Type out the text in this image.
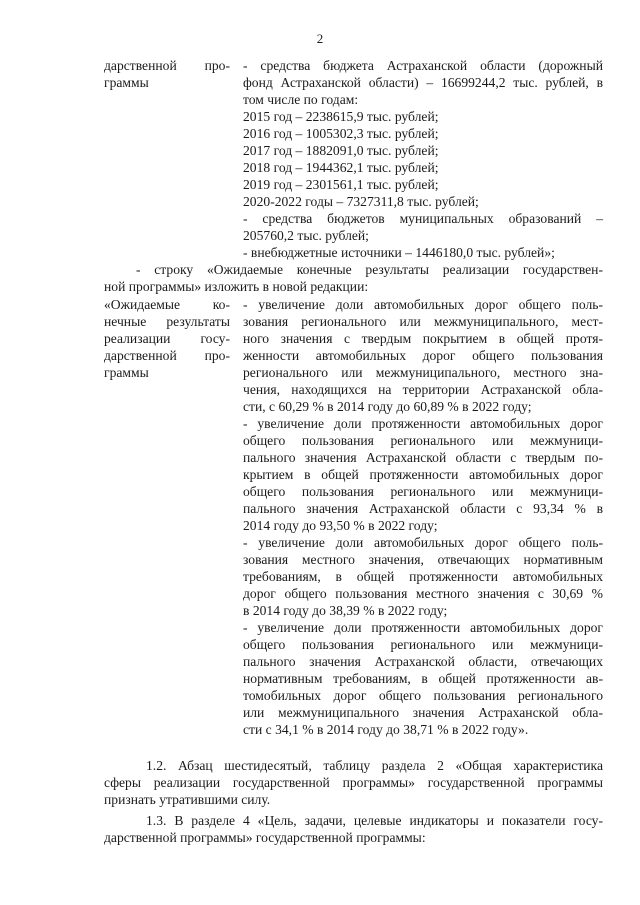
2
дарственной про-
граммы
- средства бюджета Астраханской области (дорожный
фонд Астраханской области) – 16699244,2 тыс. рублей, в
том числе по годам:
2015 год – 2238615,9 тыс. рублей;
2016 год – 1005302,3 тыс. рублей;
2017 год – 1882091,0 тыс. рублей;
2018 год – 1944362,1 тыс. рублей;
2019 год – 2301561,1 тыс. рублей;
2020-2022 годы – 7327311,8 тыс. рублей;
- средства бюджетов муниципальных образований –
205760,2 тыс. рублей;
- внебюджетные источники – 1446180,0 тыс. рублей»;
- строку «Ожидаемые конечные результаты реализации государствен-
ной программы» изложить в новой редакции:
«Ожидаемые ко-
нечные результаты
реализации госу-
дарственной про-
граммы
- увеличение доли автомобильных дорог общего поль-
зования регионального или межмуниципального, мест-
ного значения с твердым покрытием в общей протя-
женности автомобильных дорог общего пользования
регионального или межмуниципального, местного зна-
чения, находящихся на территории Астраханской обла-
сти, с 60,29 % в 2014 году до 60,89 % в 2022 году;
- увеличение доли протяженности автомобильных дорог
общего пользования регионального или межмуници-
пального значения Астраханской области с твердым по-
крытием в общей протяженности автомобильных дорог
общего пользования регионального или межмуници-
пального значения Астраханской области с 93,34 % в
2014 году до 93,50 % в 2022 году;
- увеличение доли автомобильных дорог общего поль-
зования местного значения, отвечающих нормативным
требованиям, в общей протяженности автомобильных
дорог общего пользования местного значения с 30,69 %
в 2014 году до 38,39 % в 2022 году;
- увеличение доли протяженности автомобильных дорог
общего пользования регионального или межмуници-
пального значения Астраханской области, отвечающих
нормативным требованиям, в общей протяженности ав-
томобильных дорог общего пользования регионального
или межмуниципального значения Астраханской обла-
сти с 34,1 % в 2014 году до 38,71 % в 2022 году».
1.2. Абзац шестидесятый, таблицу раздела 2 «Общая характеристика
сферы реализации государственной программы» государственной программы
признать утратившими силу.
1.3. В разделе 4 «Цель, задачи, целевые индикаторы и показатели госу-
дарственной программы» государственной программы:
